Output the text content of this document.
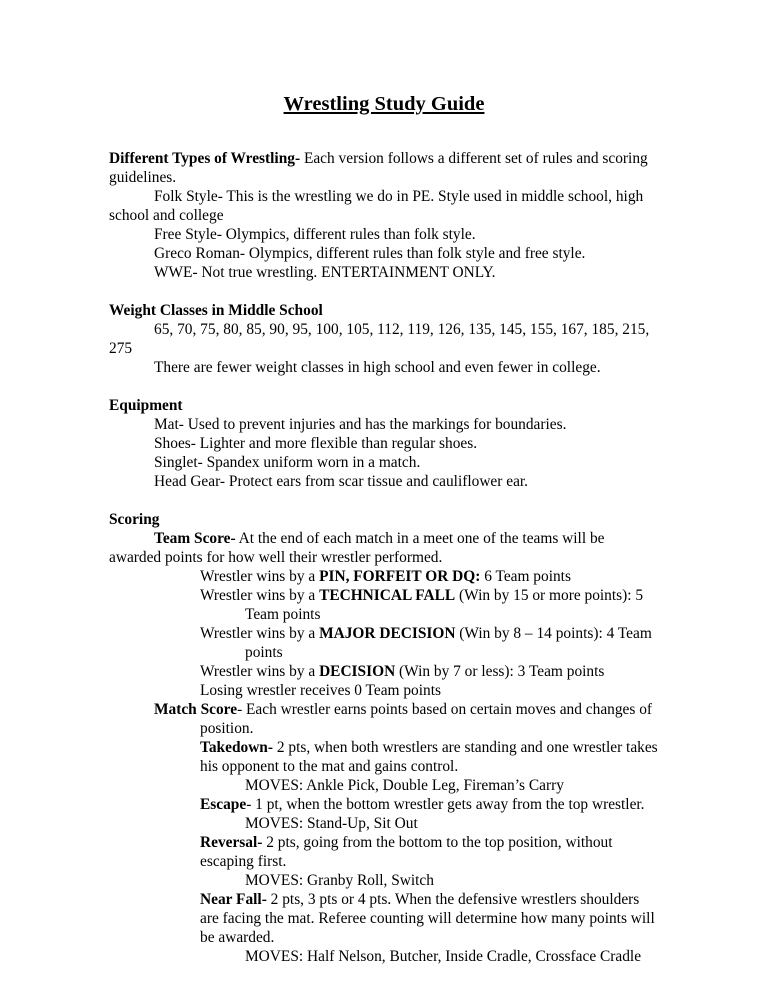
Wrestling Study Guide
Different Types of Wrestling- Each version follows a different set of rules and scoring
guidelines.
Folk Style- This is the wrestling we do in PE. Style used in middle school, high
school and college
Free Style- Olympics, different rules than folk style.
Greco Roman- Olympics, different rules than folk style and free style.
WWE- Not true wrestling. ENTERTAINMENT ONLY.
Weight Classes in Middle School
65, 70, 75, 80, 85, 90, 95, 100, 105, 112, 119, 126, 135, 145, 155, 167, 185, 215,
275
There are fewer weight classes in high school and even fewer in college.
Equipment
Mat- Used to prevent injuries and has the markings for boundaries.
Shoes- Lighter and more flexible than regular shoes.
Singlet- Spandex uniform worn in a match.
Head Gear- Protect ears from scar tissue and cauliflower ear.
Scoring
Team Score- At the end of each match in a meet one of the teams will be
awarded points for how well their wrestler performed.
Wrestler wins by a PIN, FORFEIT OR DQ: 6 Team points
Wrestler wins by a TECHNICAL FALL (Win by 15 or more points): 5
Team points
Wrestler wins by a MAJOR DECISION (Win by 8 – 14 points): 4 Team
points
Wrestler wins by a DECISION (Win by 7 or less): 3 Team points
Losing wrestler receives 0 Team points
Match Score- Each wrestler earns points based on certain moves and changes of
position.
Takedown- 2 pts, when both wrestlers are standing and one wrestler takes
his opponent to the mat and gains control.
MOVES: Ankle Pick, Double Leg, Fireman’s Carry
Escape- 1 pt, when the bottom wrestler gets away from the top wrestler.
MOVES: Stand-Up, Sit Out
Reversal- 2 pts, going from the bottom to the top position, without
escaping first.
MOVES: Granby Roll, Switch
Near Fall- 2 pts, 3 pts or 4 pts. When the defensive wrestlers shoulders
are facing the mat. Referee counting will determine how many points will
be awarded.
MOVES: Half Nelson, Butcher, Inside Cradle, Crossface Cradle
